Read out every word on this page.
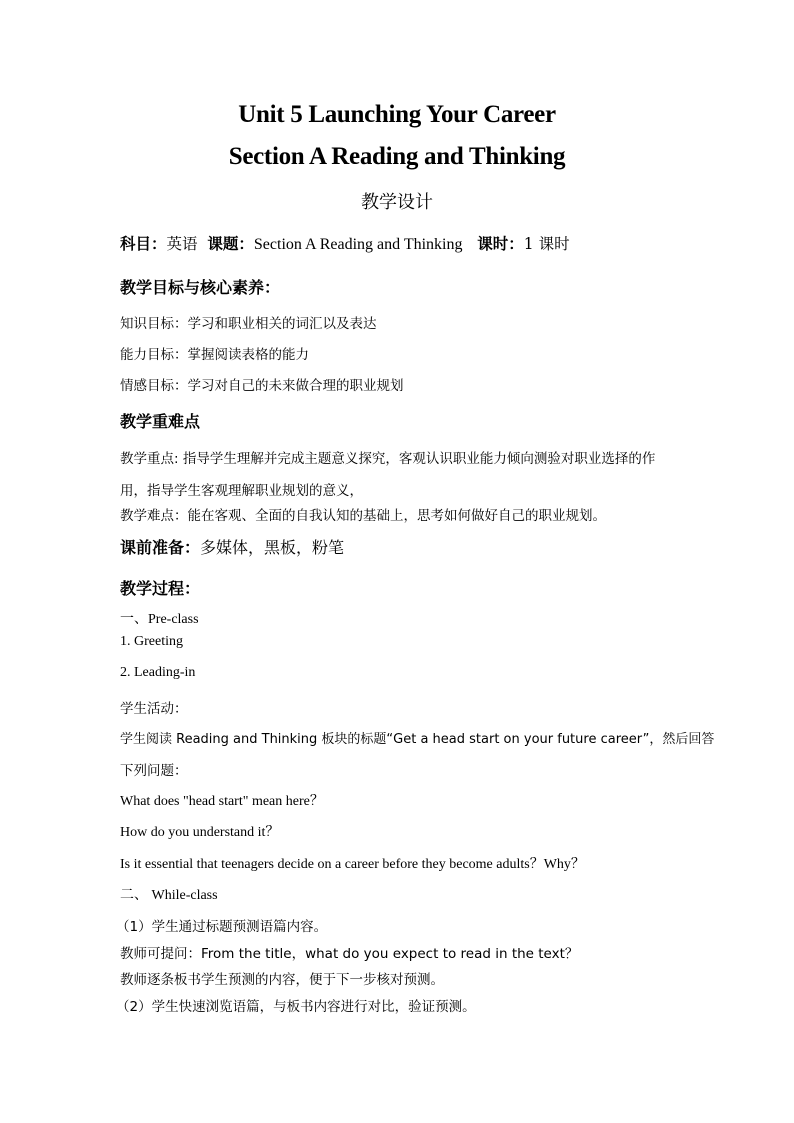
Unit 5 Launching Your Career
Section A Reading and Thinking
教学设计
科目：英语 课题：Section A Reading and Thinking 课时：1 课时
教学目标与核心素养：
知识目标：学习和职业相关的词汇以及表达
能力目标：掌握阅读表格的能力
情感目标：学习对自己的未来做合理的职业规划
教学重难点
教学重点: 指导学生理解并完成主题意义探究，客观认识职业能力倾向测验对职业选择的作
用，指导学生客观理解职业规划的意义，
教学难点：能在客观、全面的自我认知的基础上，思考如何做好自己的职业规划。
课前准备：多媒体，黑板，粉笔
教学过程：
一、Pre-class
1. Greeting
2. Leading-in
学生活动：
学生阅读 Reading and Thinking 板块的标题“Get a head start on your future career”，然后回答
下列问题：
What does "head start" mean here？
How do you understand it？
Is it essential that teenagers decide on a career before they become adults？Why？
二、 While-class
（1）学生通过标题预测语篇内容。
教师可提问：From the title，what do you expect to read in the text？
教师逐条板书学生预测的内容，便于下一步核对预测。
（2）学生快速浏览语篇，与板书内容进行对比，验证预测。
